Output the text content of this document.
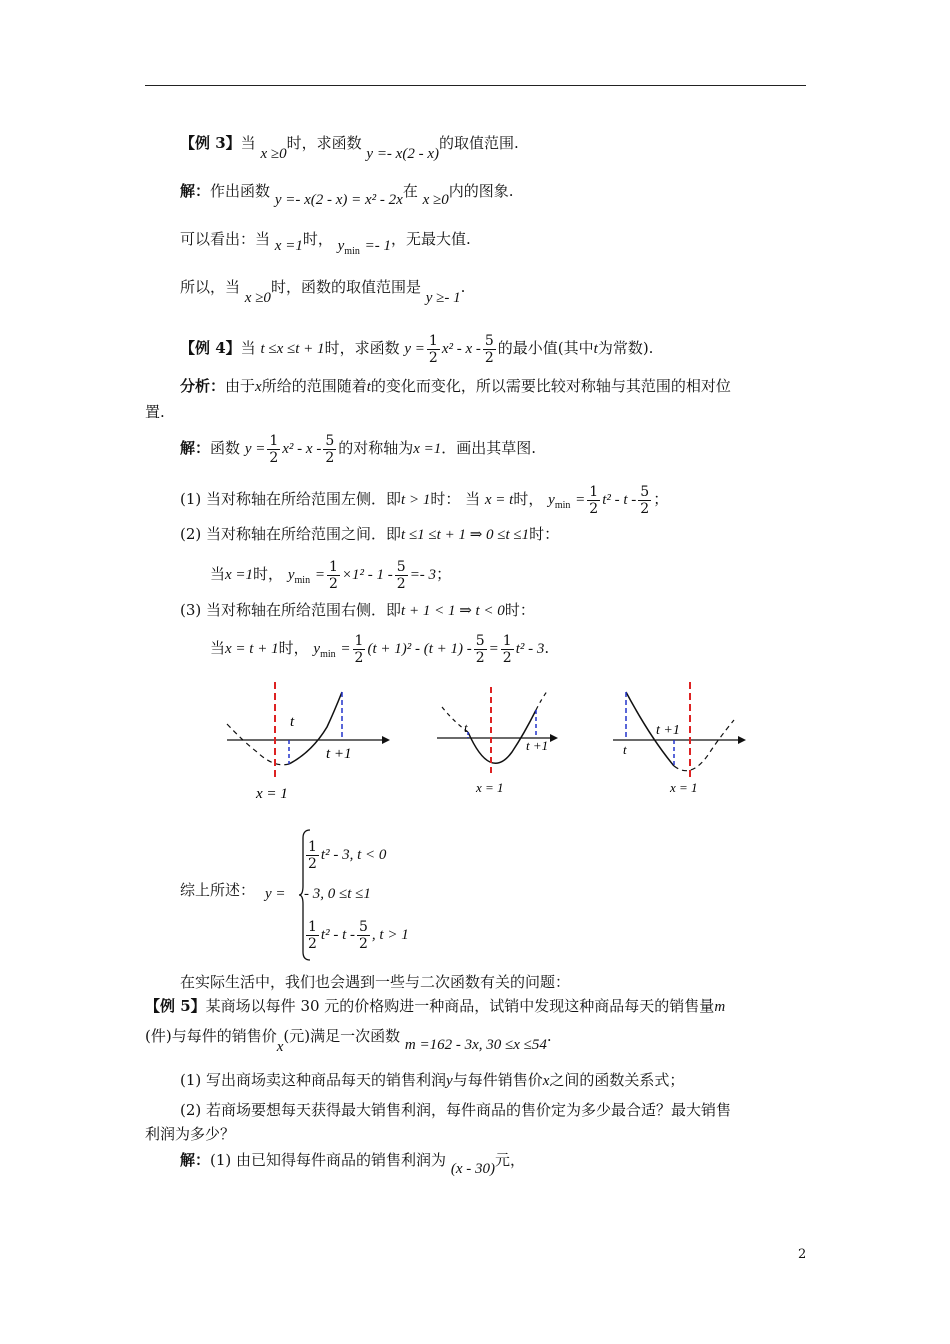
【例 3】当 x ≥0时，求函数 y =- x(2 - x)的取值范围.
解：作出函数 y =- x(2 - x) = x² - 2x在 x ≥0内的图象.
可以看出：当 x =1时， $y_{min} =- 1$，无最大值.
所以，当 x ≥0时，函数的取值范围是 y ≥- 1.
【例 4】当 t ≤x ≤t + 1时，求函数 $y = \frac{1}{2} x^2 - x - \frac{5}{2}$ 的最小值(其中t为常数).
分析：由于x所给的范围随着t的变化而变化，所以需要比较对称轴与其范围的相对位
置.
解：函数 $y = \frac{1}{2} x^2 - x - \frac{5}{2}$ 的对称轴为x =1．画出其草图.
(1) 当对称轴在所给范围左侧．即t > 1时： 当 x = t时， $y_{min} = \frac{1}{2} t^2 - t - \frac{5}{2}$ ；
(2) 当对称轴在所给范围之间．即t ≤1 ≤t + 1 ⇒ 0 ≤t ≤1时：
当x =1时， $y_{min} = \frac{1}{2} \times 1^2 - 1 - \frac{5}{2} =- 3$；
(3) 当对称轴在所给范围右侧．即t + 1 < 1 ⇒ t < 0时：
当x = t + 1时， $y_{min} = \frac{1}{2} (t + 1)^2 - (t + 1) - \frac{5}{2} = \frac{1}{2} t^2 - 3$.
t
t +1
x = 1
t
t +1
x = 1
t
t +1
x = 1
综上所述： y =
$\frac{1}{2} t^2 - 3$, t < 0
- 3, 0 ≤t ≤1
$\frac{1}{2} t^2$ - t - $\frac{5}{2}$ , t > 1
在实际生活中，我们也会遇到一些与二次函数有关的问题：
【例 5】某商场以每件 30 元的价格购进一种商品，试销中发现这种商品每天的销售量m
(件)与每件的销售价x(元)满足一次函数 m =162 - 3x, 30 ≤x ≤54.
(1) 写出商场卖这种商品每天的销售利润y与每件销售价x之间的函数关系式；
(2) 若商场要想每天获得最大销售利润，每件商品的售价定为多少最合适？最大销售
利润为多少？
解：(1) 由已知得每件商品的销售利润为 (x - 30)元，
2
